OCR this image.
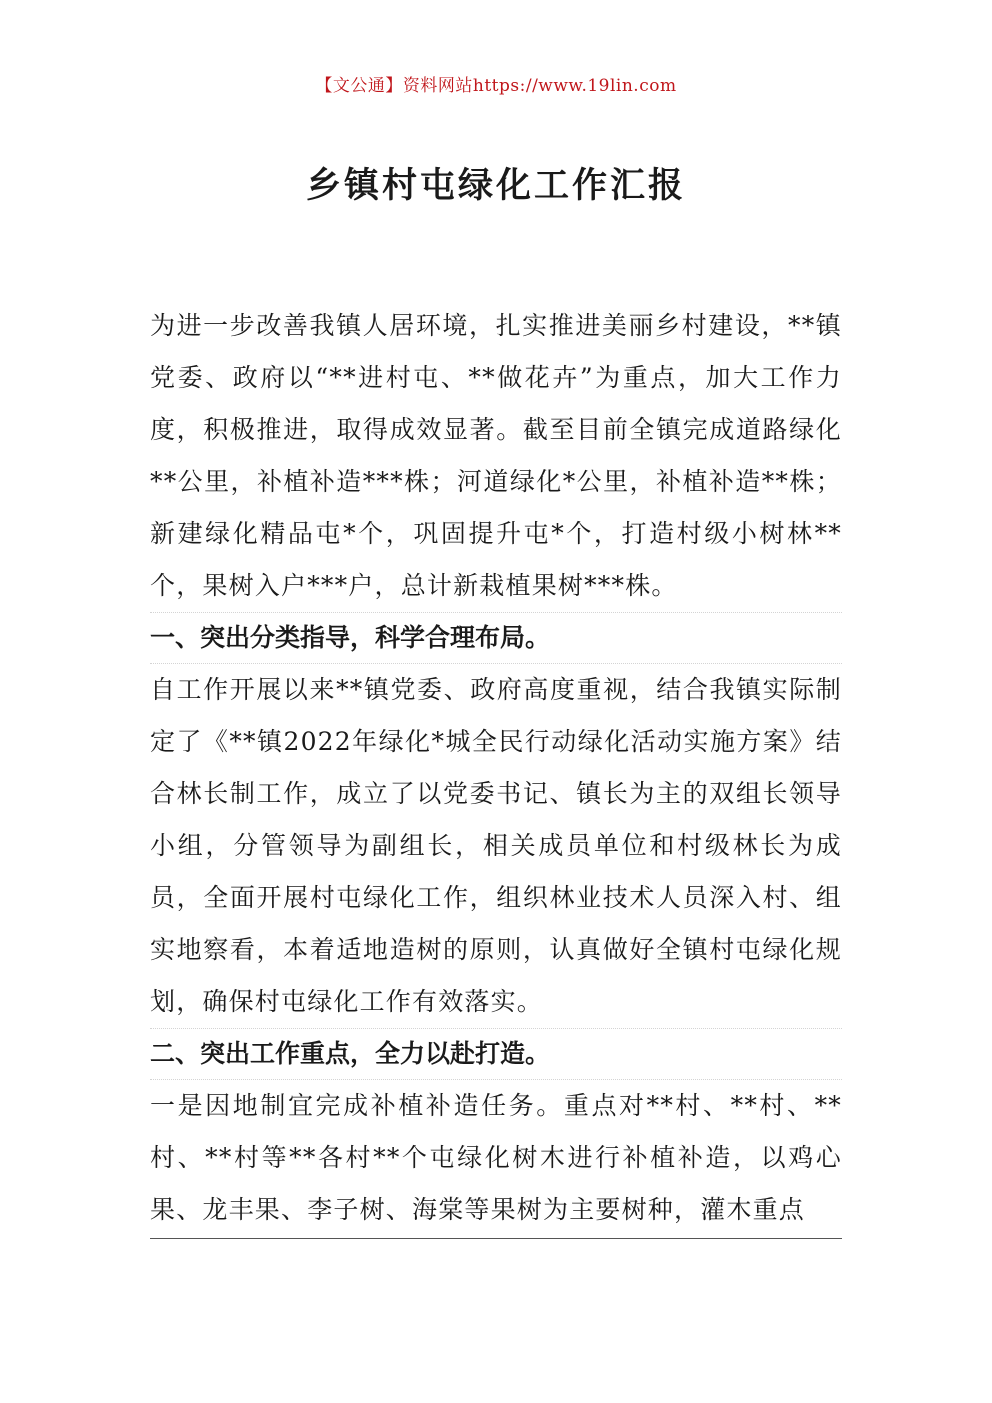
【文公通】资料网站https://www.19lin.com
乡镇村屯绿化工作汇报

为进一步改善我镇人居环境，扎实推进美丽乡村建设，**镇党委、政府以“**进村屯、**做花卉”为重点，加大工作力度，积极推进，取得成效显著。截至目前全镇完成道路绿化**公里，补植补造***株；河道绿化*公里，补植补造**株；新建绿化精品屯*个，巩固提升屯*个，打造村级小树林**个，果树入户***户，总计新栽植果树***株。

一、突出分类指导，科学合理布局。

自工作开展以来**镇党委、政府高度重视，结合我镇实际制定了《**镇2022年绿化*城全民行动绿化活动实施方案》结合林长制工作，成立了以党委书记、镇长为主的双组长领导小组，分管领导为副组长，相关成员单位和村级林长为成员，全面开展村屯绿化工作，组织林业技术人员深入村、组实地察看，本着适地造树的原则，认真做好全镇村屯绿化规划，确保村屯绿化工作有效落实。

二、突出工作重点，全力以赴打造。

一是因地制宜完成补植补造任务。重点对**村、**村、**村、**村等**各村**个屯绿化树木进行补植补造，以鸡心果、龙丰果、李子树、海棠等果树为主要树种，灌木重点
